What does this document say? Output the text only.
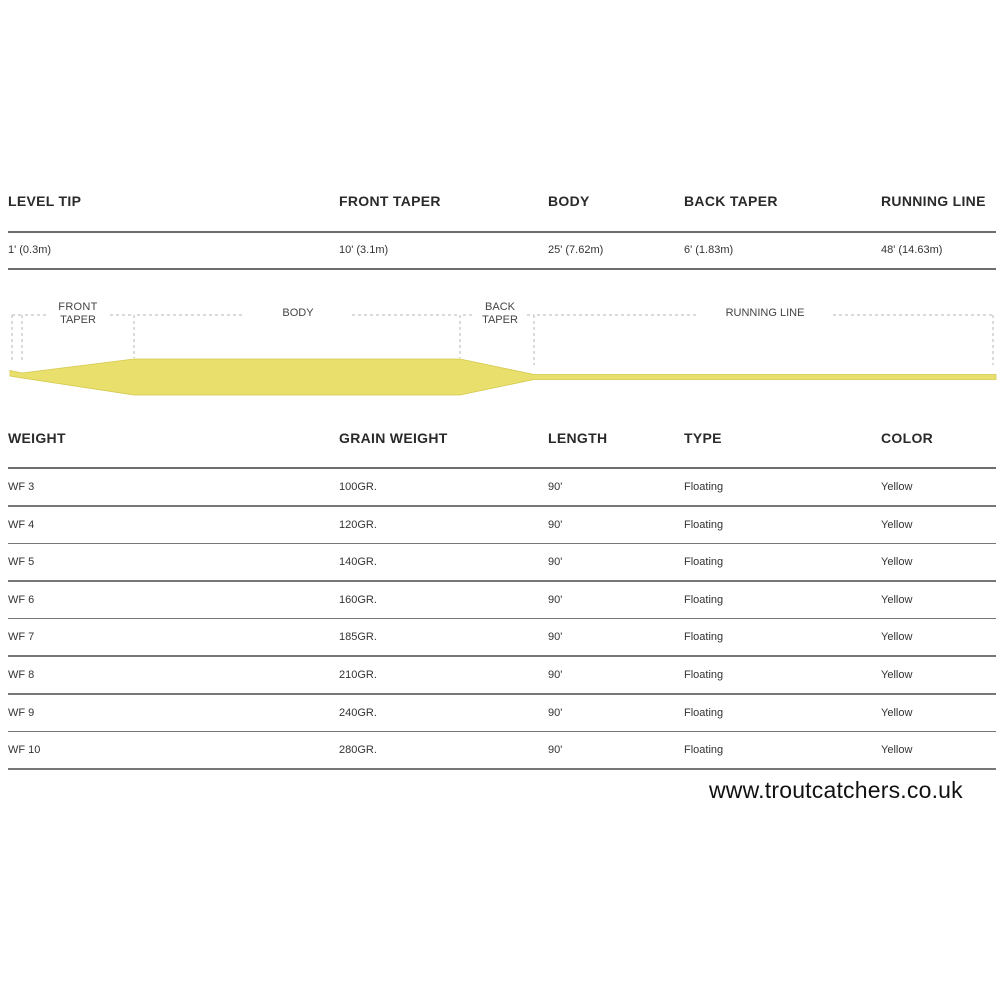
LEVEL TIP	FRONT TAPER	BODY	BACK TAPER	RUNNING LINE
1' (0.3m)	10' (3.1m)	25' (7.62m)	6' (1.83m)	48' (14.63m)
FRONT
TAPER
BODY	BACK
TAPER
RUNNING LINE
WEIGHT	GRAIN WEIGHT	LENGTH	TYPE	COLOR
WF 3	100GR.	90'	Floating	Yellow
WF 4	120GR.	90'	Floating	Yellow
WF 5	140GR.	90'	Floating	Yellow
WF 6	160GR.	90'	Floating	Yellow
WF 7	185GR.	90'	Floating	Yellow
WF 8	210GR.	90'	Floating	Yellow
WF 9	240GR.	90'	Floating	Yellow
WF 10	280GR.	90'	Floating	Yellow
www.troutcatchers.co.uk
